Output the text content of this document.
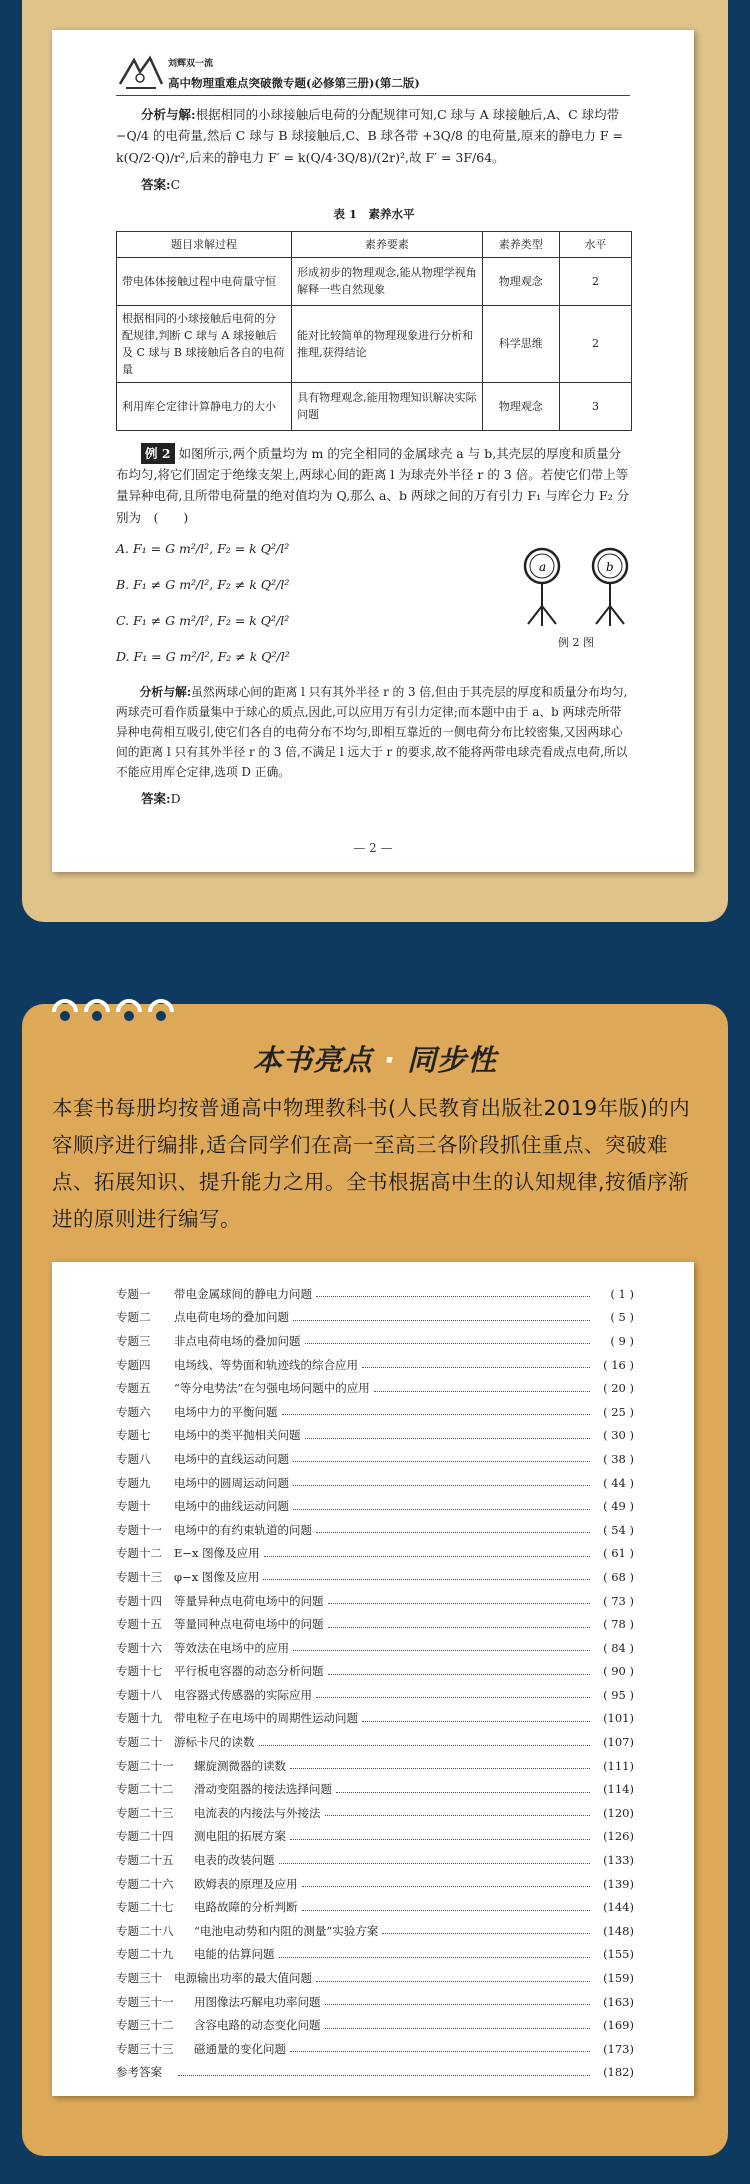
刘辉双一流
高中物理重难点突破微专题(必修第三册)(第二版)

分析与解:根据相同的小球接触后电荷的分配规律可知,C 球与 A 球接触后,A、C 球均带 −Q/4 的电荷量,然后 C 球与 B 球接触后,C、B 球各带 +3Q/8 的电荷量,原来的静电力 F = k(Q/2·Q)/r²,后来的静电力 F′ = k(Q/4·3Q/8)/(2r)²,故 F′ = 3F/64。

答案:C

表 1　素养水平
题目求解过程	素养要素	素养类型	水平
带电体体接触过程中电荷量守恒	形成初步的物理观念,能从物理学视角解释一些自然现象	物理观念	2
根据相同的小球接触后电荷的分配规律,判断 C 球与 A 球接触后及 C 球与 B 球接触后各自的电荷量	能对比较简单的物理现象进行分析和推理,获得结论	科学思维	2
利用库仑定律计算静电力的大小	具有物理观念,能用物理知识解决实际问题	物理观念	3

例 2 如图所示,两个质量均为 m 的完全相同的金属球壳 a 与 b,其壳层的厚度和质量分布均匀,将它们固定于绝缘支架上,两球心间的距离 l 为球壳外半径 r 的 3 倍。若使它们带上等量异种电荷,且所带电荷量的绝对值均为 Q,那么 a、b 两球之间的万有引力 F₁ 与库仑力 F₂ 分别为　 (　　)

A. F₁ = G m²/l², F₂ = k Q²/l²
B. F₁ ≠ G m²/l², F₂ ≠ k Q²/l²
C. F₁ ≠ G m²/l², F₂ = k Q²/l²
D. F₁ = G m²/l², F₂ ≠ k Q²/l²
a	b
例 2 图

分析与解:虽然两球心间的距离 l 只有其外半径 r 的 3 倍,但由于其壳层的厚度和质量分布均匀,两球壳可看作质量集中于球心的质点,因此,可以应用万有引力定律;而本题中由于 a、b 两球壳所带异种电荷相互吸引,使它们各自的电荷分布不均匀,即相互靠近的一侧电荷分布比较密集,又因两球心间的距离 l 只有其外半径 r 的 3 倍,不满足 l 远大于 r 的要求,故不能将两带电球壳看成点电荷,所以不能应用库仑定律,选项 D 正确。

答案:D

— 2 —
本书亮点 · 同步性
本套书每册均按普通高中物理教科书(人民教育出版社2019年版)的内容顺序进行编排,适合同学们在高一至高三各阶段抓住重点、突破难点、拓展知识、提升能力之用。全书根据高中生的认知规律,按循序渐进的原则进行编写。
专题一	带电金属球间的静电力问题	( 1 )
专题二	点电荷电场的叠加问题	( 5 )
专题三	非点电荷电场的叠加问题	( 9 )
专题四	电场线、等势面和轨迹线的综合应用	( 16 )
专题五	“等分电势法”在匀强电场问题中的应用	( 20 )
专题六	电场中力的平衡问题	( 25 )
专题七	电场中的类平抛相关问题	( 30 )
专题八	电场中的直线运动问题	( 38 )
专题九	电场中的圆周运动问题	( 44 )
专题十	电场中的曲线运动问题	( 49 )
专题十一	电场中的有约束轨道的问题	( 54 )
专题十二	E−x 图像及应用	( 61 )
专题十三	φ−x 图像及应用	( 68 )
专题十四	等量异种点电荷电场中的问题	( 73 )
专题十五	等量同种点电荷电场中的问题	( 78 )
专题十六	等效法在电场中的应用	( 84 )
专题十七	平行板电容器的动态分析问题	( 90 )
专题十八	电容器式传感器的实际应用	( 95 )
专题十九	带电粒子在电场中的周期性运动问题	(101)
专题二十	游标卡尺的读数	(107)
专题二十一	螺旋测微器的读数	(111)
专题二十二	滑动变阻器的接法选择问题	(114)
专题二十三	电流表的内接法与外接法	(120)
专题二十四	测电阻的拓展方案	(126)
专题二十五	电表的改装问题	(133)
专题二十六	欧姆表的原理及应用	(139)
专题二十七	电路故障的分析判断	(144)
专题二十八	“电池电动势和内阻的测量”实验方案	(148)
专题二十九	电能的估算问题	(155)
专题三十	电源输出功率的最大值问题	(159)
专题三十一	用图像法巧解电功率问题	(163)
专题三十二	含容电路的动态变化问题	(169)
专题三十三	磁通量的变化问题	(173)
参考答案	(182)
